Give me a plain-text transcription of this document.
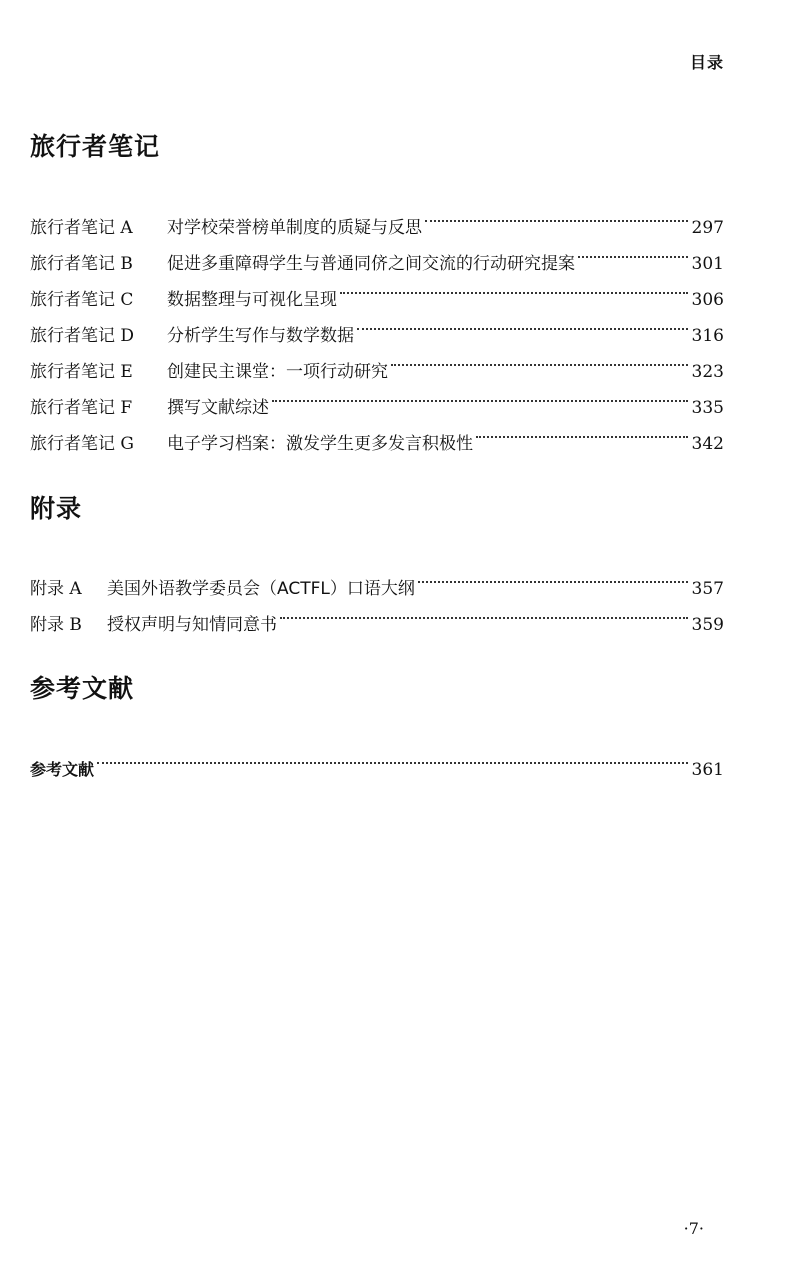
目录
旅行者笔记
旅行者笔记 A	对学校荣誉榜单制度的质疑与反思	297
旅行者笔记 B	促进多重障碍学生与普通同侪之间交流的行动研究提案	301
旅行者笔记 C	数据整理与可视化呈现	306
旅行者笔记 D	分析学生写作与数学数据	316
旅行者笔记 E	创建民主课堂：一项行动研究	323
旅行者笔记 F	撰写文献综述	335
旅行者笔记 G	电子学习档案：激发学生更多发言积极性	342
附录
附录 A	美国外语教学委员会（ACTFL）口语大纲	357
附录 B	授权声明与知情同意书	359
参考文献
参考文献	361
·7·
